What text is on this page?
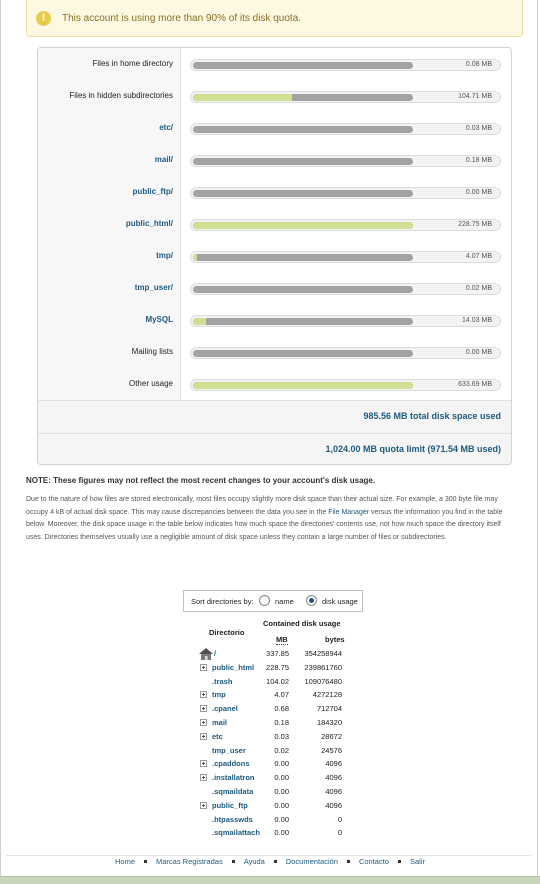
!	This account is using more than 90% of its disk quota.
Files in home directory	0.08 MB
Files in hidden subdirectories	104.71 MB
etc/	0.03 MB
mail/	0.18 MB
public_ftp/	0.00 MB
public_html/	228.75 MB
tmp/	4.07 MB
tmp_user/	0.02 MB
MySQL	14.03 MB
Mailing lists	0.00 MB
Other usage	633.69 MB
985.56 MB total disk space used
1,024.00 MB quota limit (971.54 MB used)
NOTE: These figures may not reflect the most recent changes to your account's disk usage.
Due to the nature of how files are stored electronically, most files occupy slightly more disk space than their actual size. For example, a 300 byte file may occupy 4 kB of actual disk space. This may cause discrepancies between the data you see in the File Manager versus the information you find in the table below. Moreover, the disk space usage in the table below indicates how much space the directories' contents use, not how much space the directory itself uses. Directories themselves usually use a negligible amount of disk space unless they contain a large number of files or subdirectories.
Sort directories by:	name	disk usage
Contained disk usage
Directorio
MB	bytes
/	337.85	354258944
public_html	228.75	239861760
.trash	104.02	109076480
tmp	4.07	4272128
.cpanel	0.68	712704
mail	0.18	184320
etc	0.03	28672
tmp_user	0.02	24576
.cpaddons	0.00	4096
.installatron	0.00	4096
.sqmaildata	0.00	4096
public_ftp	0.00	4096
.htpasswds	0.00	0
.sqmailattach	0.00	0
Home	Marcas Registradas	Ayuda	Documentación	Contacto	Salir
